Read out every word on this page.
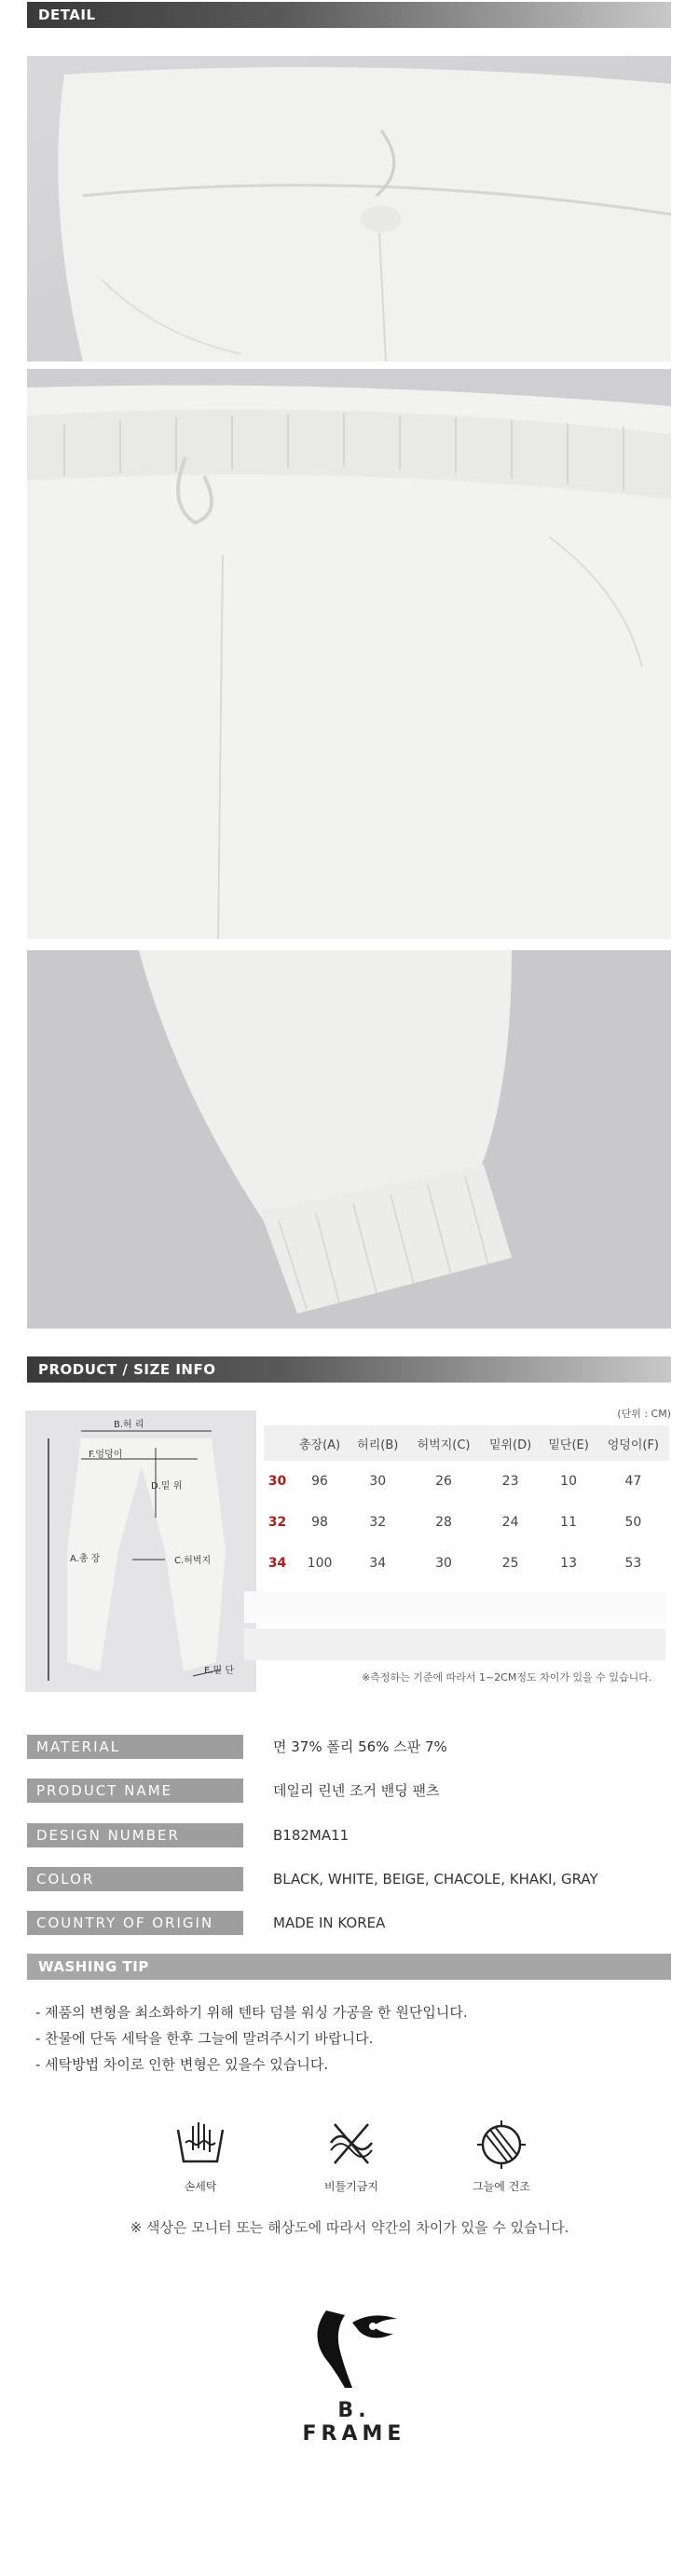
DETAIL
PRODUCT / SIZE INFO
B.허 리
F.엉덩이
D.밑 위
A.총 장	C.허벅지
E.밑 단
(단위 : CM)
	총장(A)	허리(B)	허벅지(C)	밑위(D)	밑단(E)	엉덩이(F)
30	96	30	26	23	10	47
32	98	32	28	24	11	50
34	100	34	30	25	13	53
※측정하는 기준에 따라서 1~2CM정도 차이가 있을 수 있습니다.
MATERIAL	면 37% 폴리 56% 스판 7%
PRODUCT NAME	데일리 린넨 조거 밴딩 팬츠
DESIGN NUMBER	B182MA11
COLOR	BLACK, WHITE, BEIGE, CHACOLE, KHAKI, GRAY
COUNTRY OF ORIGIN	MADE IN KOREA
WASHING TIP
- 제품의 변형을 최소화하기 위해 텐타 덤블 워싱 가공을 한 원단입니다.
- 찬물에 단독 세탁을 한후 그늘에 말려주시기 바랍니다.
- 세탁방법 차이로 인한 변형은 있을수 있습니다.
손세탁	비틀기금지	그늘에 건조
※ 색상은 모니터 또는 해상도에 따라서 약간의 차이가 있을 수 있습니다.
B. FRAME
